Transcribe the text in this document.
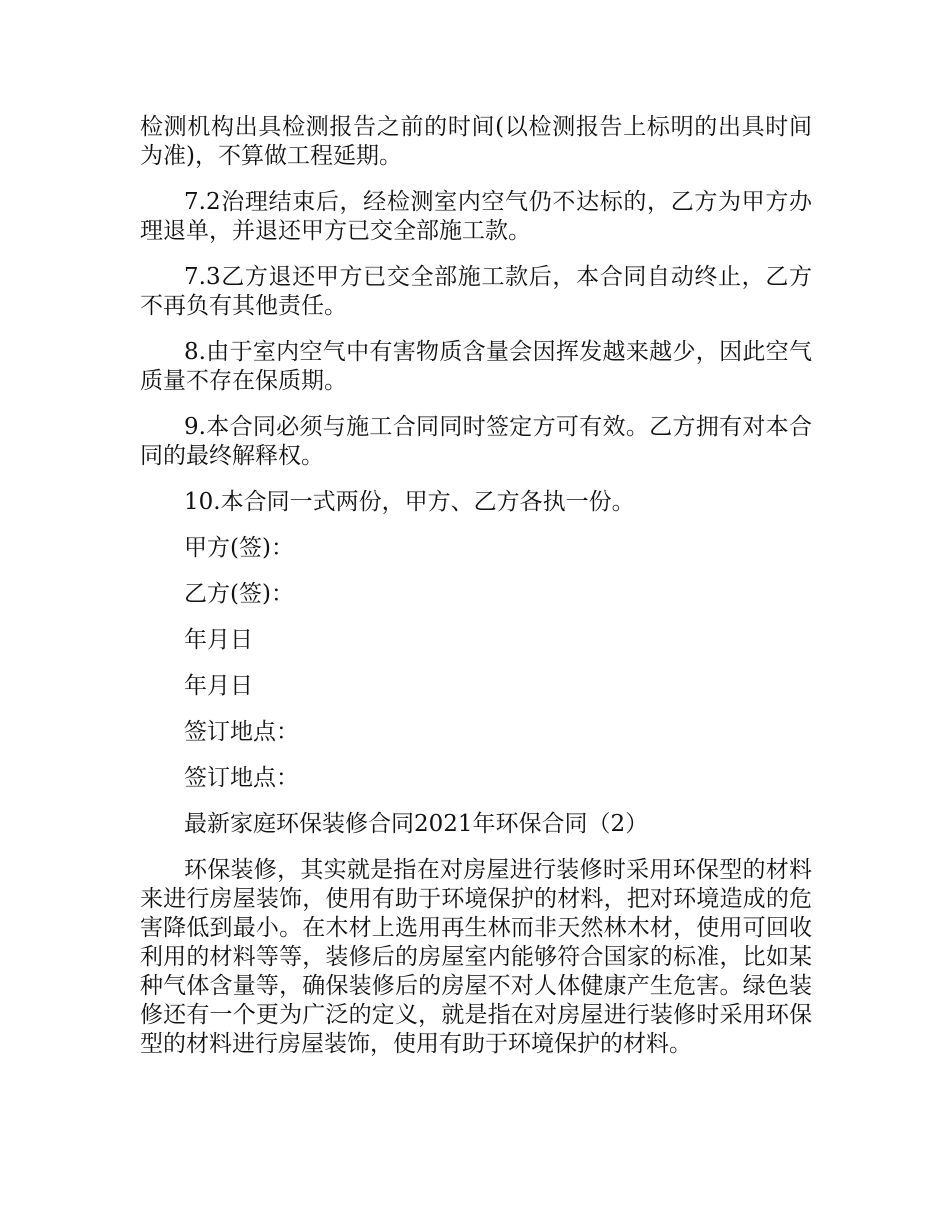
检测机构出具检测报告之前的时间(以检测报告上标明的出具时间为准)，不算做工程延期。

7.2治理结束后，经检测室内空气仍不达标的，乙方为甲方办理退单，并退还甲方已交全部施工款。

7.3乙方退还甲方已交全部施工款后，本合同自动终止，乙方不再负有其他责任。

8.由于室内空气中有害物质含量会因挥发越来越少，因此空气质量不存在保质期。

9.本合同必须与施工合同同时签定方可有效。乙方拥有对本合同的最终解释权。

10.本合同一式两份，甲方、乙方各执一份。

甲方(签)：

乙方(签)：

年月日

年月日

签订地点：

签订地点：

最新家庭环保装修合同2021年环保合同（2）

环保装修，其实就是指在对房屋进行装修时采用环保型的材料来进行房屋装饰，使用有助于环境保护的材料，把对环境造成的危害降低到最小。在木材上选用再生林而非天然林木材，使用可回收利用的材料等等，装修后的房屋室内能够符合国家的标准，比如某种气体含量等，确保装修后的房屋不对人体健康产生危害。绿色装修还有一个更为广泛的定义，就是指在对房屋进行装修时采用环保型的材料进行房屋装饰，使用有助于环境保护的材料。
